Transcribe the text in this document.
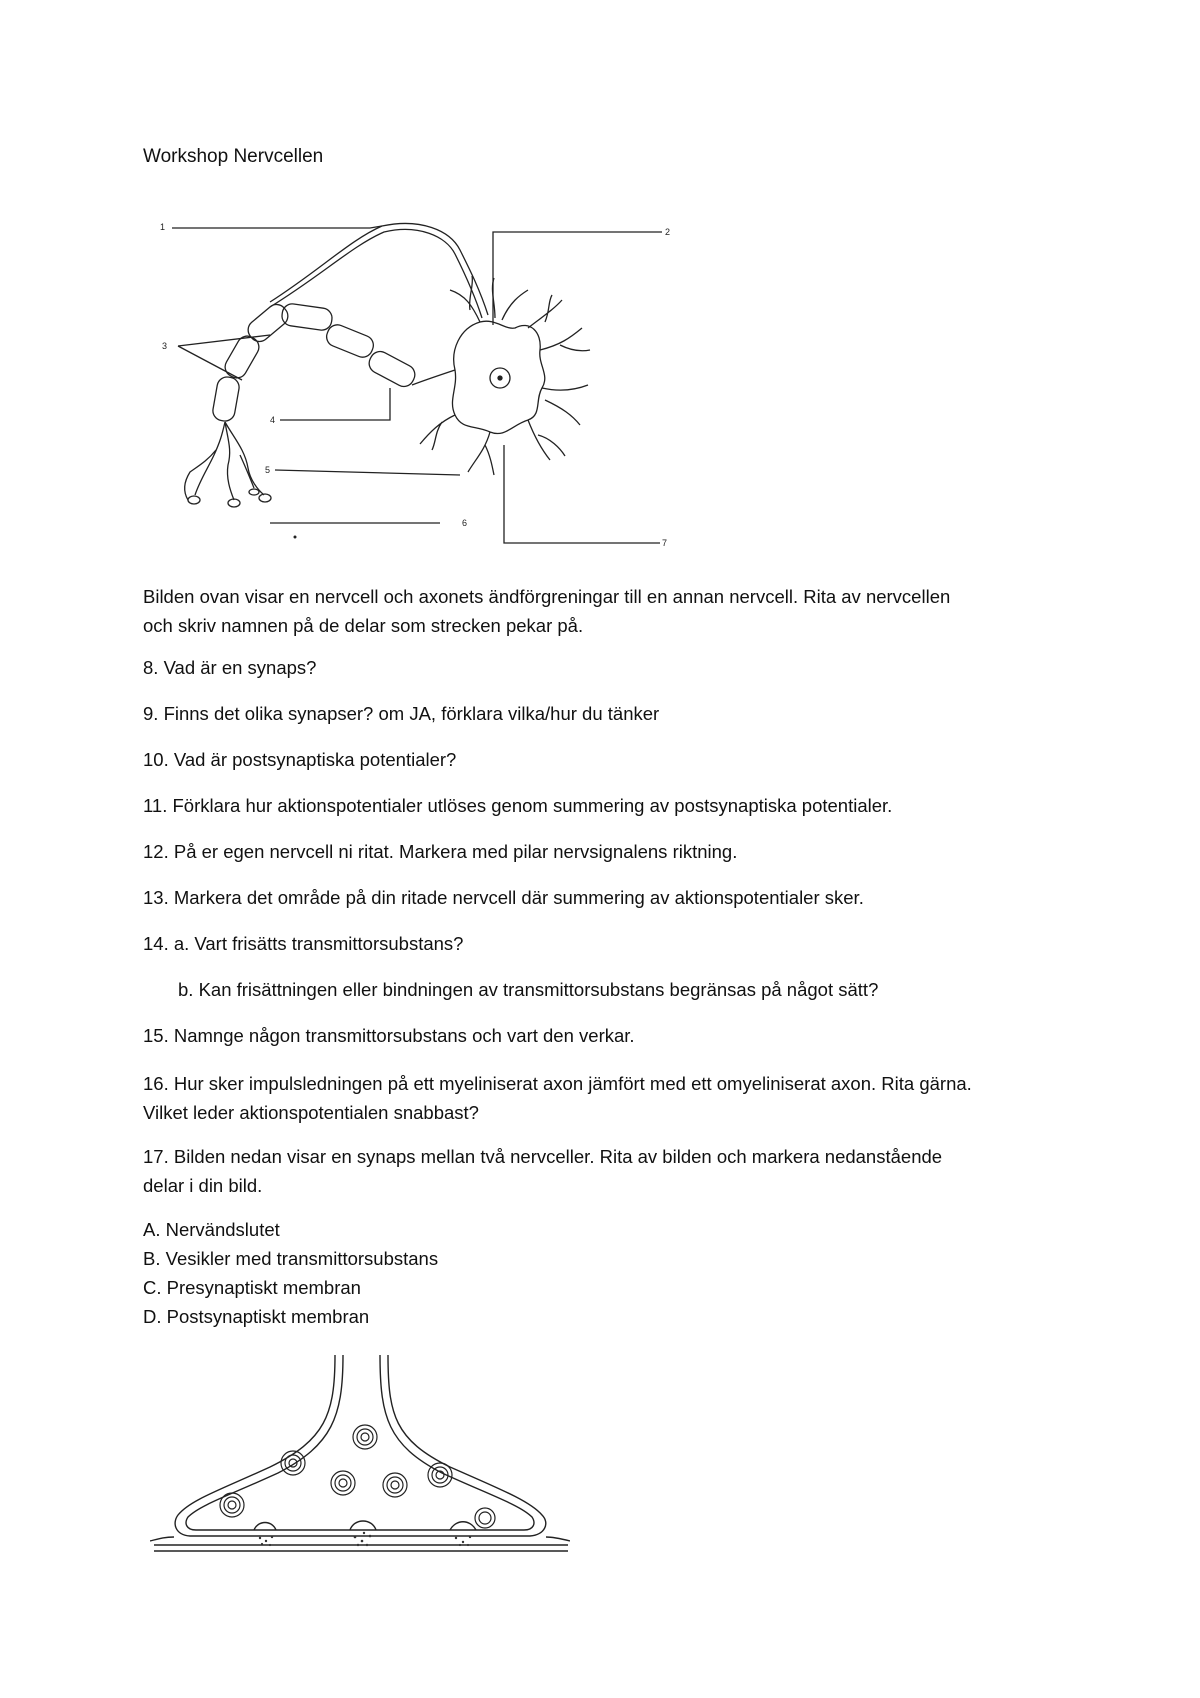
Workshop Nervcellen
1	2
3
4
5
6
7
Bilden ovan visar en nervcell och axonets ändförgreningar till en annan nervcell. Rita av nervcellen
och skriv namnen på de delar som strecken pekar på.
8. Vad är en synaps?
9. Finns det olika synapser? om JA, förklara vilka/hur du tänker
10. Vad är postsynaptiska potentialer?
11. Förklara hur aktionspotentialer utlöses genom summering av postsynaptiska potentialer.
12. På er egen nervcell ni ritat. Markera med pilar nervsignalens riktning.
13. Markera det område på din ritade nervcell där summering av aktionspotentialer sker.
14. a. Vart frisätts transmittorsubstans?
b. Kan frisättningen eller bindningen av transmittorsubstans begränsas på något sätt?
15. Namnge någon transmittorsubstans och vart den verkar.
16. Hur sker impulsledningen på ett myeliniserat axon jämfört med ett omyeliniserat axon. Rita gärna.
Vilket leder aktionspotentialen snabbast?
17. Bilden nedan visar en synaps mellan två nervceller. Rita av bilden och markera nedanstående
delar i din bild.
A. Nervändslutet
B. Vesikler med transmittorsubstans
C. Presynaptiskt membran
D. Postsynaptiskt membran
